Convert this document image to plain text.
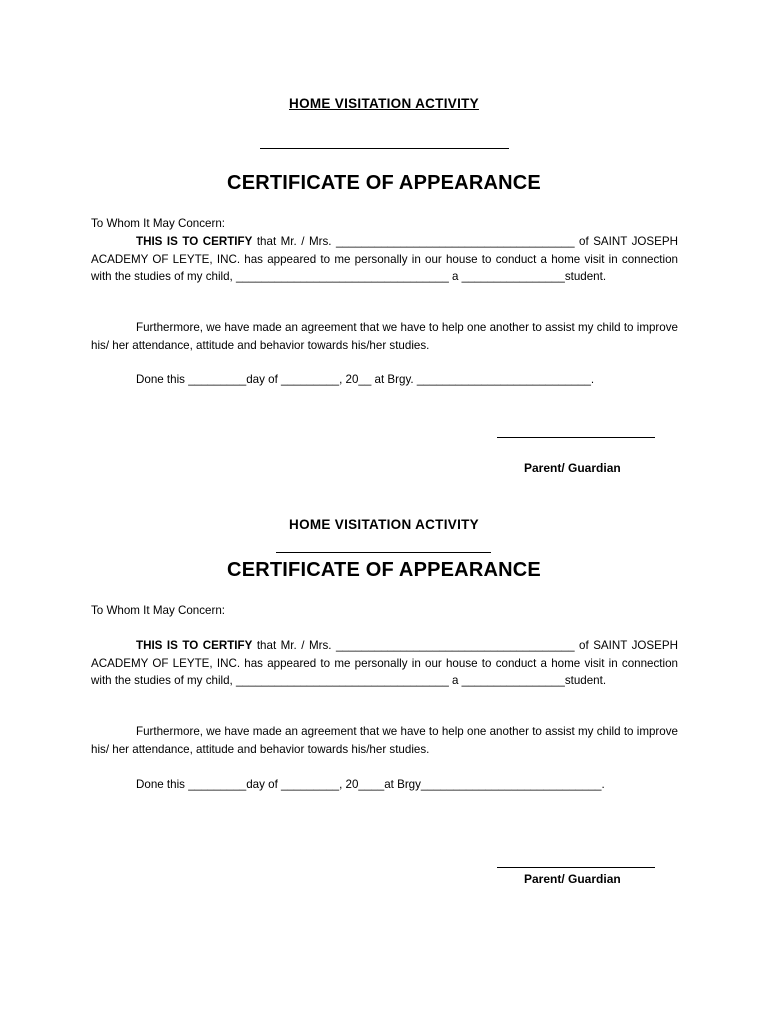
HOME VISITATION ACTIVITY
CERTIFICATE OF APPEARANCE
To Whom It May Concern:

THIS IS TO CERTIFY that Mr. / Mrs. _____________________________________ of SAINT JOSEPH ACADEMY OF LEYTE, INC. has appeared to me personally in our house to conduct a home visit in connection with the studies of my child, _________________________________ a ________________student.

Furthermore, we have made an agreement that we have to help one another to assist my child to improve his/ her attendance, attitude and behavior towards his/her studies.
Done this _________day of _________, 20__ at Brgy. ___________________________.
Parent/ Guardian
HOME VISITATION ACTIVITY
CERTIFICATE OF APPEARANCE
To Whom It May Concern:

THIS IS TO CERTIFY that Mr. / Mrs. _____________________________________ of SAINT JOSEPH ACADEMY OF LEYTE, INC. has appeared to me personally in our house to conduct a home visit in connection with the studies of my child, _________________________________ a ________________student.

Furthermore, we have made an agreement that we have to help one another to assist my child to improve his/ her attendance, attitude and behavior towards his/her studies.
Done this _________day of _________, 20____at Brgy____________________________.
Parent/ Guardian
